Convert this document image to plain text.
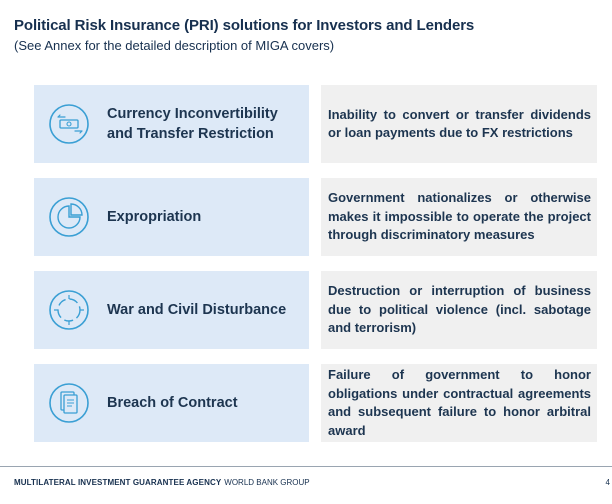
Political Risk Insurance (PRI) solutions for Investors and Lenders
(See Annex for the detailed description of MIGA covers)
Currency Inconvertibility and Transfer Restriction
Inability to convert or transfer dividends or loan payments due to FX restrictions
Expropriation
Government nationalizes or otherwise makes it impossible to operate the project through discriminatory measures
War and Civil Disturbance
Destruction or interruption of business due to political violence (incl. sabotage and terrorism)
Breach of Contract
Failure of government to honor obligations under contractual agreements and subsequent failure to honor arbitral award
MULTILATERAL INVESTMENT GUARANTEE AGENCY WORLD BANK GROUP	4
